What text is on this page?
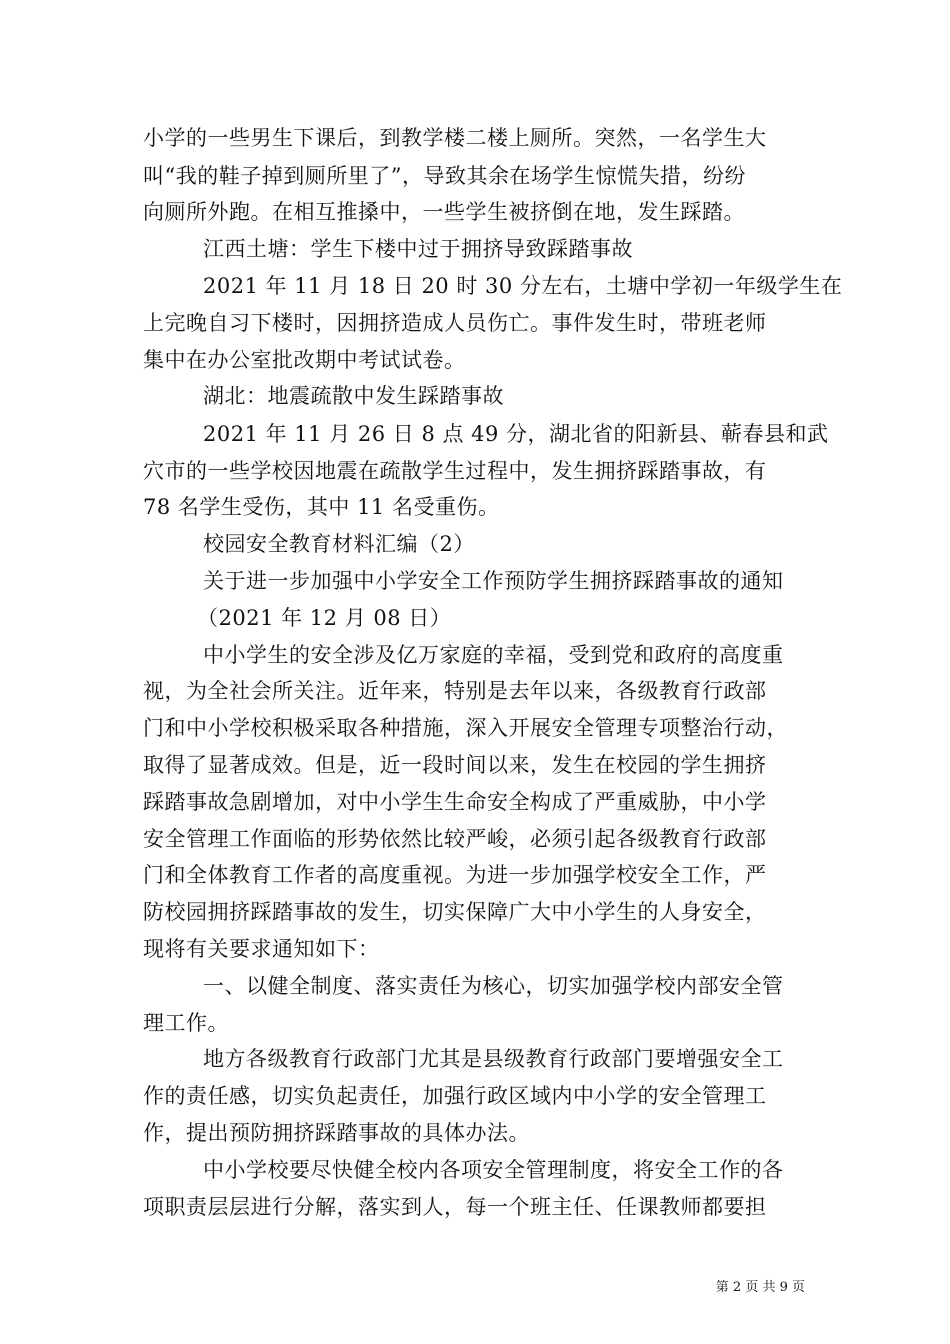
小学的一些男生下课后，到教学楼二楼上厕所。突然，一名学生大
叫“我的鞋子掉到厕所里了”，导致其余在场学生惊慌失措，纷纷
向厕所外跑。在相互推搡中，一些学生被挤倒在地，发生踩踏。
江西土塘：学生下楼中过于拥挤导致踩踏事故
2021 年 11 月 18 日 20 时 30 分左右，土塘中学初一年级学生在
上完晚自习下楼时，因拥挤造成人员伤亡。事件发生时，带班老师
集中在办公室批改期中考试试卷。
湖北：地震疏散中发生踩踏事故
2021 年 11 月 26 日 8 点 49 分，湖北省的阳新县、蕲春县和武
穴市的一些学校因地震在疏散学生过程中，发生拥挤踩踏事故，有
78 名学生受伤，其中 11 名受重伤。
校园安全教育材料汇编（2）
关于进一步加强中小学安全工作预防学生拥挤踩踏事故的通知
（2021 年 12 月 08 日）
中小学生的安全涉及亿万家庭的幸福，受到党和政府的高度重
视，为全社会所关注。近年来，特别是去年以来，各级教育行政部
门和中小学校积极采取各种措施，深入开展安全管理专项整治行动，
取得了显著成效。但是，近一段时间以来，发生在校园的学生拥挤
踩踏事故急剧增加，对中小学生生命安全构成了严重威胁，中小学
安全管理工作面临的形势依然比较严峻，必须引起各级教育行政部
门和全体教育工作者的高度重视。为进一步加强学校安全工作，严
防校园拥挤踩踏事故的发生，切实保障广大中小学生的人身安全，
现将有关要求通知如下：
一、以健全制度、落实责任为核心，切实加强学校内部安全管
理工作。
地方各级教育行政部门尤其是县级教育行政部门要增强安全工
作的责任感，切实负起责任，加强行政区域内中小学的安全管理工
作，提出预防拥挤踩踏事故的具体办法。
中小学校要尽快健全校内各项安全管理制度，将安全工作的各
项职责层层进行分解，落实到人，每一个班主任、任课教师都要担
第 2 页 共 9 页
